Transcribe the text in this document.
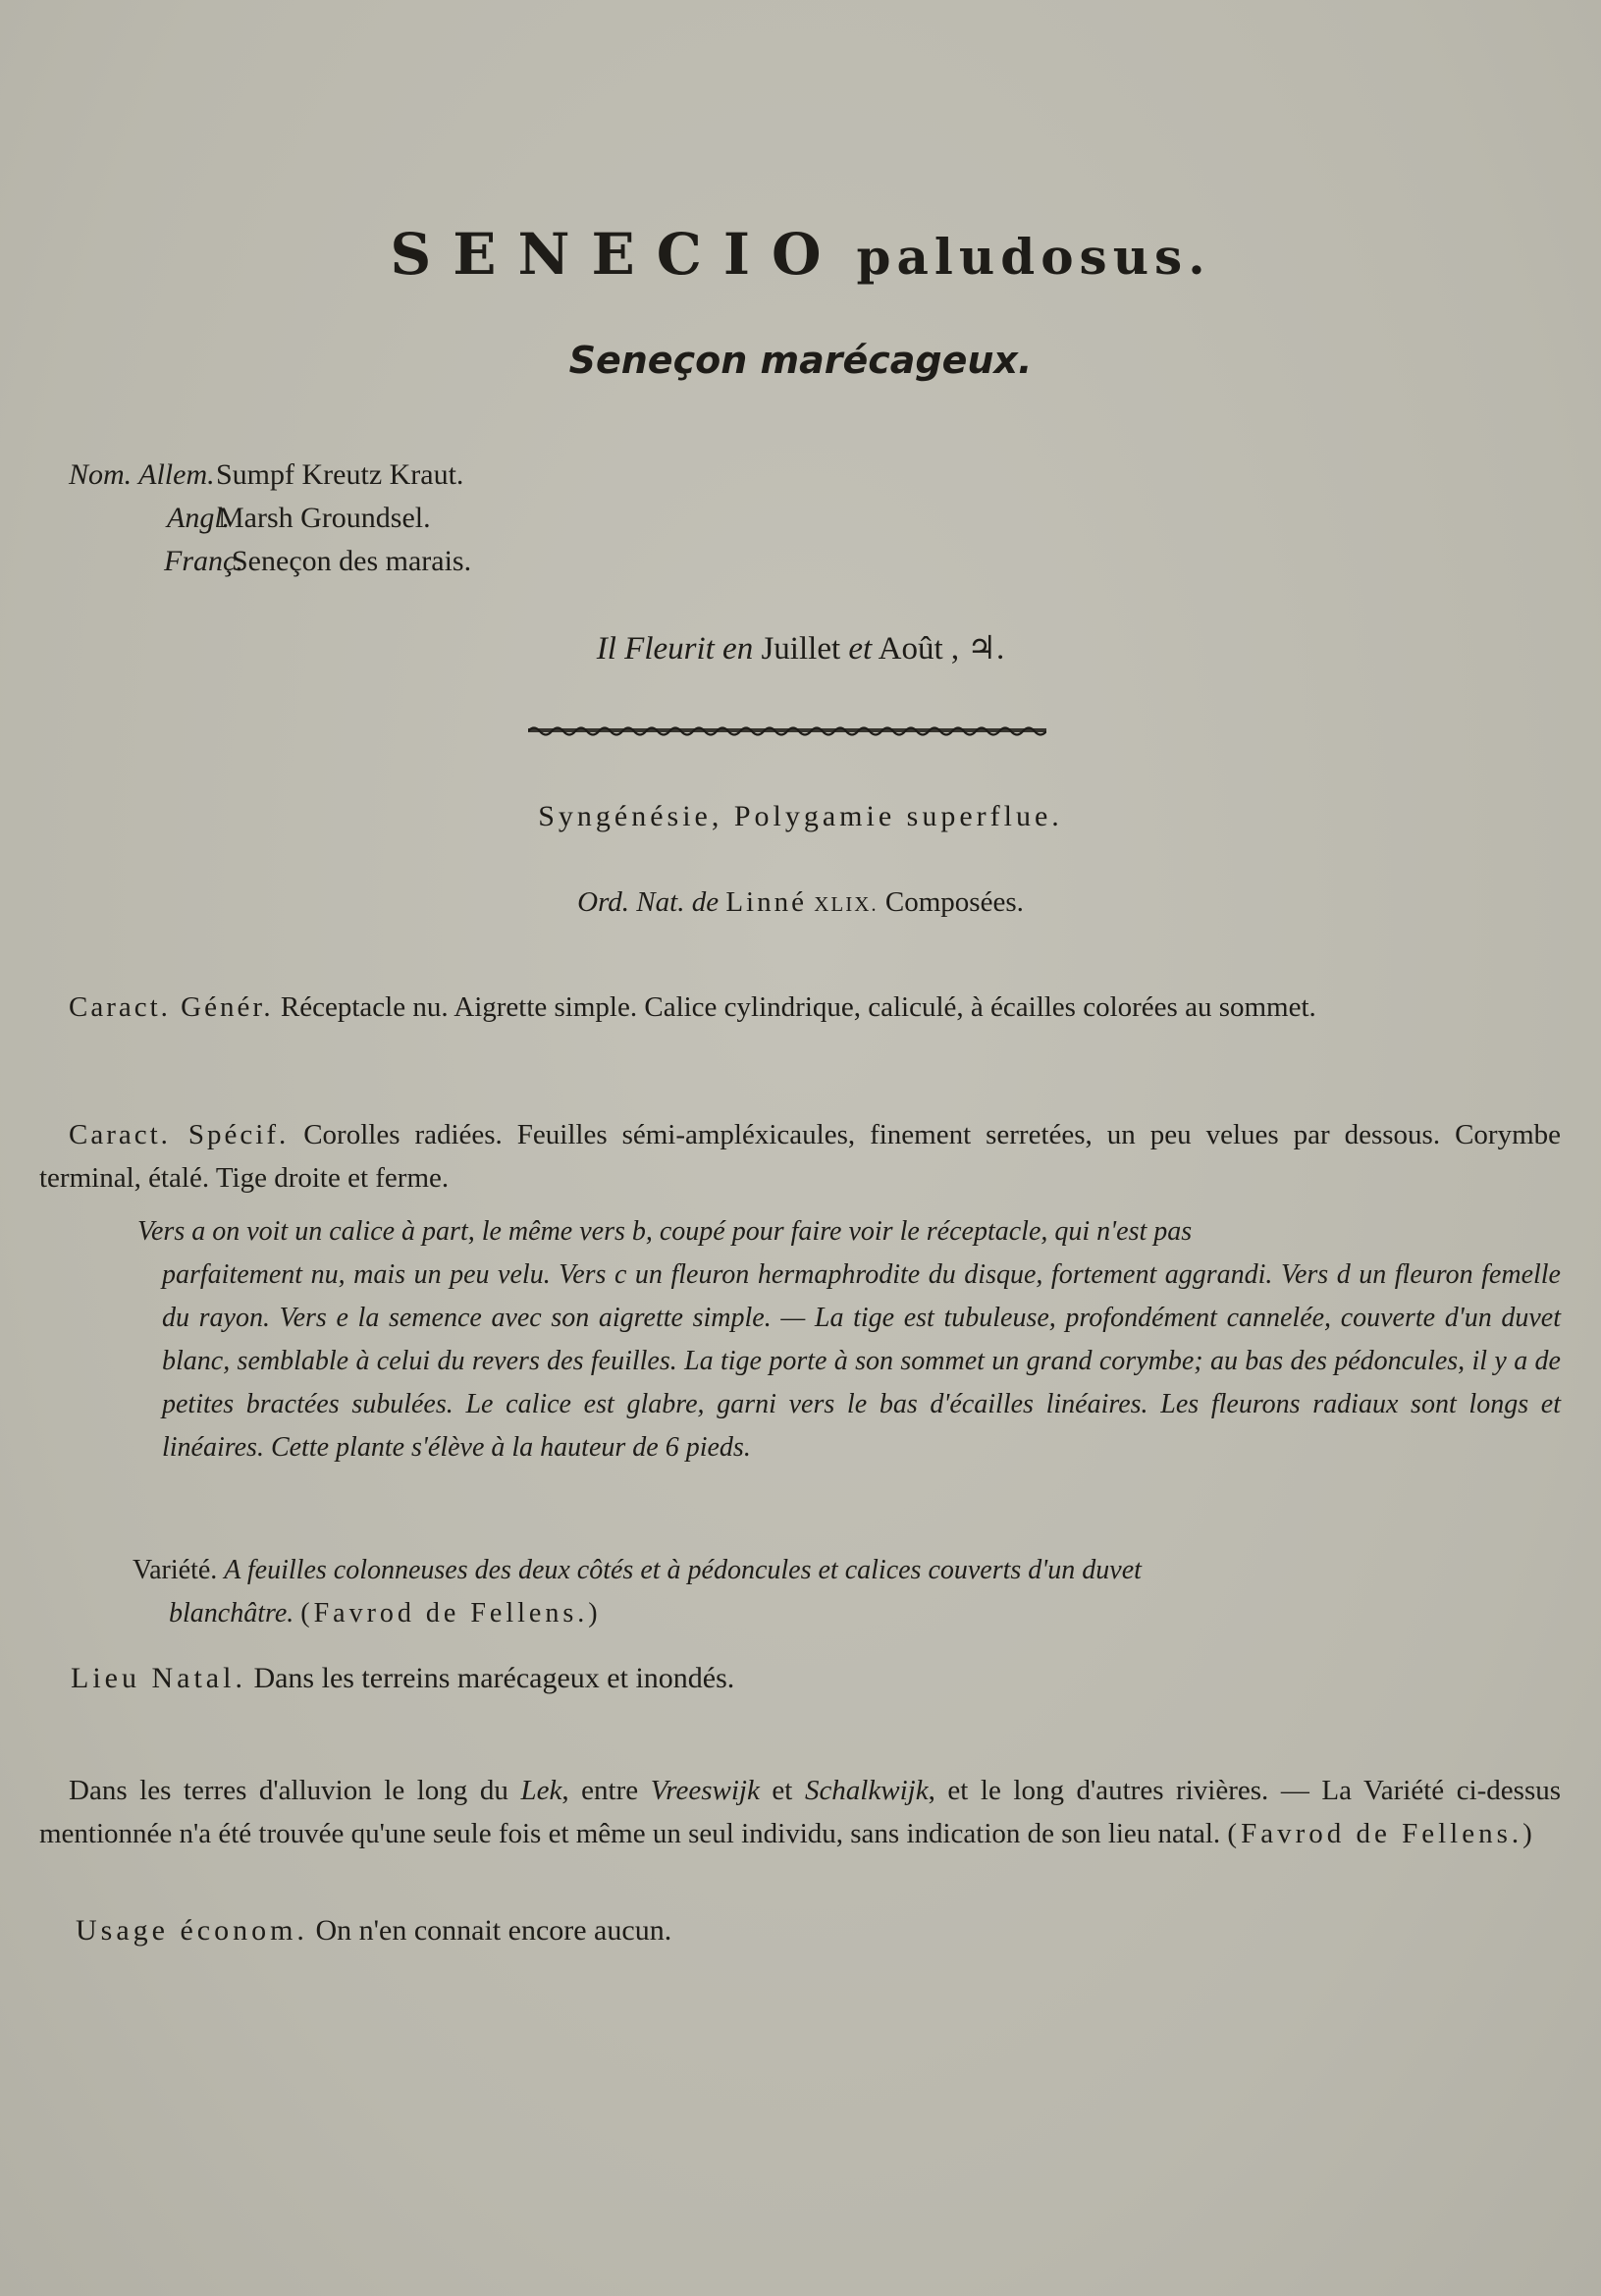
SENECIO paludosus.
Seneçon marécageux.
Nom. Allem. Sumpf Kreutz Kraut.
Angl.
Marsh Groundsel.
Franç.
Seneçon des marais.
Il Fleurit en Juillet et Août , ♃.
Syngénésie, Polygamie superflue.
Ord. Nat. de Linné XLIX. Composées.

Caract. Génér. Réceptacle nu. Aigrette simple. Calice cylindrique, caliculé, à écailles colorées au sommet.

Caract. Spécif. Corolles radiées. Feuilles sémi-ampléxicaules, finement serretées, un peu velues par dessous. Corymbe terminal, étalé. Tige droite et ferme.

Vers a on voit un calice à part, le même vers b, coupé pour faire voir le réceptacle, qui n'est pas
parfaitement nu, mais un peu velu. Vers c un fleuron hermaphrodite du disque, fortement aggrandi. Vers d un fleuron femelle du rayon. Vers e la semence avec son aigrette simple. — La tige est tubuleuse, profondément cannelée, couverte d'un duvet blanc, semblable à celui du revers des feuilles. La tige porte à son sommet un grand corymbe; au bas des pédoncules, il y a de petites bractées subulées. Le calice est glabre, garni vers le bas d'écailles linéaires. Les fleurons radiaux sont longs et linéaires. Cette plante s'élève à la hauteur de 6 pieds.
Variété. A feuilles colonneuses des deux côtés et à pédoncules et calices couverts d'un duvet
blanchâtre. (Favrod de Fellens.)
Lieu Natal. Dans les terreins marécageux et inondés.

Dans les terres d'alluvion le long du Lek, entre Vreeswijk et Schalkwijk, et le long d'autres rivières. — La Variété ci-dessus mentionnée n'a été trouvée qu'une seule fois et même un seul individu, sans indication de son lieu natal. (Favrod de Fellens.)

Usage économ. On n'en connait encore aucun.
